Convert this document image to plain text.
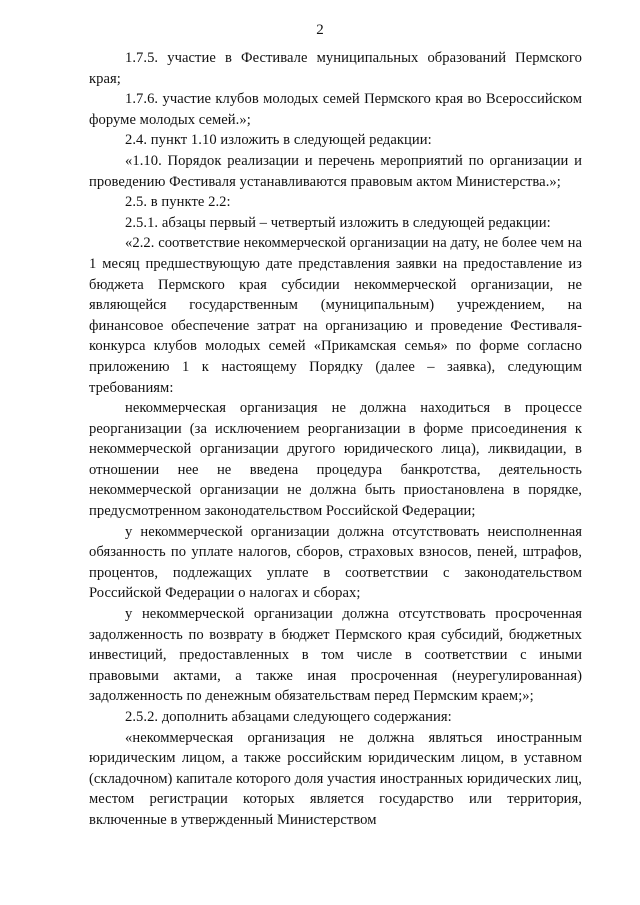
2

1.7.5. участие в Фестивале муниципальных образований Пермского края;

1.7.6. участие клубов молодых семей Пермского края во Всероссийском форуме молодых семей.»;

2.4. пункт 1.10 изложить в следующей редакции:

«1.10. Порядок реализации и перечень мероприятий по организации и проведению Фестиваля устанавливаются правовым актом Министерства.»;

2.5. в пункте 2.2:

2.5.1. абзацы первый – четвертый изложить в следующей редакции:

«2.2. соответствие некоммерческой организации на дату, не более чем на 1 месяц предшествующую дате представления заявки на предоставление из бюджета Пермского края субсидии некоммерческой организации, не являющейся государственным (муниципальным) учреждением, на финансовое обеспечение затрат на организацию и проведение Фестиваля-конкурса клубов молодых семей «Прикамская семья» по форме согласно приложению 1 к настоящему Порядку (далее – заявка), следующим требованиям:

некоммерческая организация не должна находиться в процессе реорганизации (за исключением реорганизации в форме присоединения к некоммерческой организации другого юридического лица), ликвидации, в отношении нее не введена процедура банкротства, деятельность некоммерческой организации не должна быть приостановлена в порядке, предусмотренном законодательством Российской Федерации;

у некоммерческой организации должна отсутствовать неисполненная обязанность по уплате налогов, сборов, страховых взносов, пеней, штрафов, процентов, подлежащих уплате в соответствии с законодательством Российской Федерации о налогах и сборах;

у некоммерческой организации должна отсутствовать просроченная задолженность по возврату в бюджет Пермского края субсидий, бюджетных инвестиций, предоставленных в том числе в соответствии с иными правовыми актами, а также иная просроченная (неурегулированная) задолженность по денежным обязательствам перед Пермским краем;»;

2.5.2. дополнить абзацами следующего содержания:

«некоммерческая организация не должна являться иностранным юридическим лицом, а также российским юридическим лицом, в уставном (складочном) капитале которого доля участия иностранных юридических лиц, местом регистрации которых является государство или территория, включенные в утвержденный Министерством
